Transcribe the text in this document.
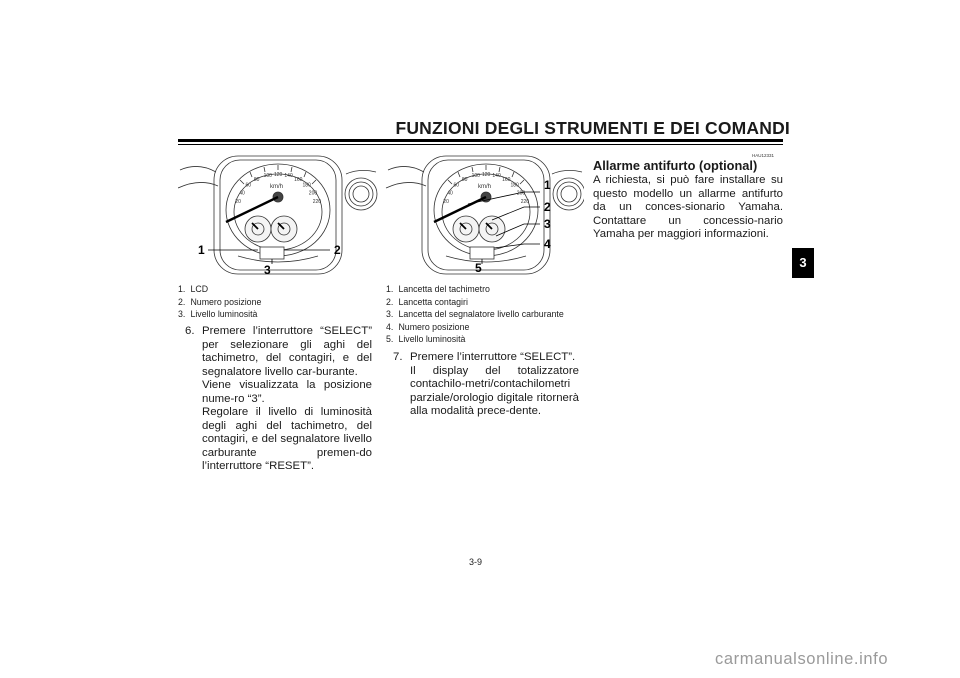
FUNZIONI DEGLI STRUMENTI E DEI COMANDI
3
km/h
20
40
60
80
100 120 140
160
180
200
220
1	2
3
1. LCD
2. Numero posizione
3. Livello luminosità
6. Premere l’interruttore “SELECT” per selezionare gli aghi del tachimetro, del contagiri, e del segnalatore livello car-burante.

Viene visualizzata la posizione nume-ro “3”.

Regolare il livello di luminosità degli aghi del tachimetro, del contagiri, e del segnalatore livello carburante premen-do l’interruttore “RESET”.

km/h
20
40
60
80
100 120 140
160
180
200
220
1
2
3
4
5
1. Lancetta del tachimetro
2. Lancetta contagiri
3. Lancetta del segnalatore livello carburante
4. Numero posizione
5. Livello luminosità
7. Premere l’interruttore “SELECT”.

Il display del totalizzatore contachilo-metri/contachilometri parziale/orologio digitale ritornerà alla modalità prece-dente.

HAU12331
Allarme antifurto (optional)
A richiesta, si può fare installare su questo modello un allarme antifurto da un conces-sionario Yamaha. Contattare un concessio-nario Yamaha per maggiori informazioni.
3-9
carmanualsonline.info
